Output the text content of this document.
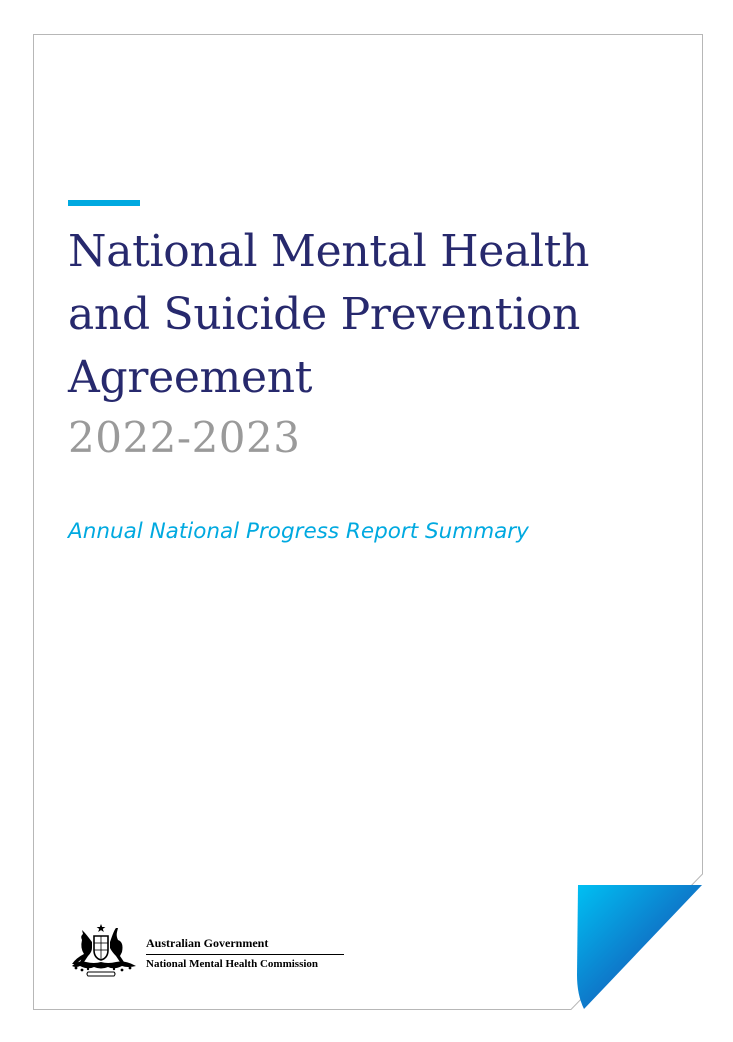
National Mental Health and Suicide Prevention Agreement
2022-2023
Annual National Progress Report Summary
Australian Government
National Mental Health Commission
